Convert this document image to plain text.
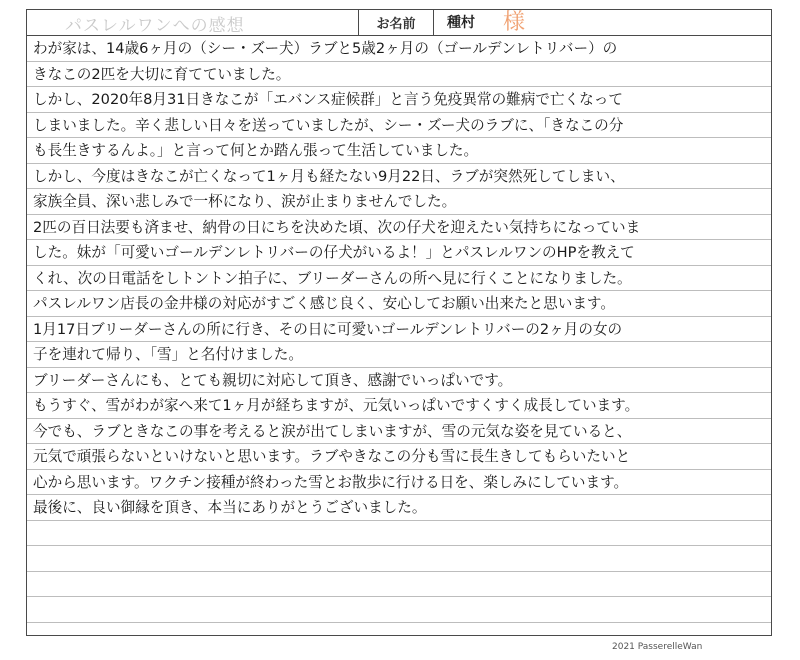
パスレルワンへの感想	お名前	種村 様
わが家は、14歳6ヶ月の（シー・ズー犬）ラブと5歳2ヶ月の（ゴールデンレトリバー）の
きなこの2匹を大切に育てていました。
しかし、2020年8月31日きなこが「エバンス症候群」と言う免疫異常の難病で亡くなって
しまいました。辛く悲しい日々を送っていましたが、シー・ズー犬のラブに、「きなこの分
も長生きするんよ。」と言って何とか踏ん張って生活していました。
しかし、今度はきなこが亡くなって1ヶ月も経たない9月22日、ラブが突然死してしまい、
家族全員、深い悲しみで一杯になり、涙が止まりませんでした。
2匹の百日法要も済ませ、納骨の日にちを決めた頃、次の仔犬を迎えたい気持ちになっていま
した。妹が「可愛いゴールデンレトリバーの仔犬がいるよ！」とパスレルワンのHPを教えて
くれ、次の日電話をしトントン拍子に、ブリーダーさんの所へ見に行くことになりました。
パスレルワン店長の金井様の対応がすごく感じ良く、安心してお願い出来たと思います。
1月17日ブリーダーさんの所に行き、その日に可愛いゴールデンレトリバーの2ヶ月の女の
子を連れて帰り、「雪」と名付けました。
ブリーダーさんにも、とても親切に対応して頂き、感謝でいっぱいです。
もうすぐ、雪がわが家へ来て1ヶ月が経ちますが、元気いっぱいですくすく成長しています。
今でも、ラブときなこの事を考えると涙が出てしまいますが、雪の元気な姿を見ていると、
元気で頑張らないといけないと思います。ラブやきなこの分も雪に長生きしてもらいたいと
心から思います。ワクチン接種が終わった雪とお散歩に行ける日を、楽しみにしています。
最後に、良い御縁を頂き、本当にありがとうございました。
2021 PasserelleWan
